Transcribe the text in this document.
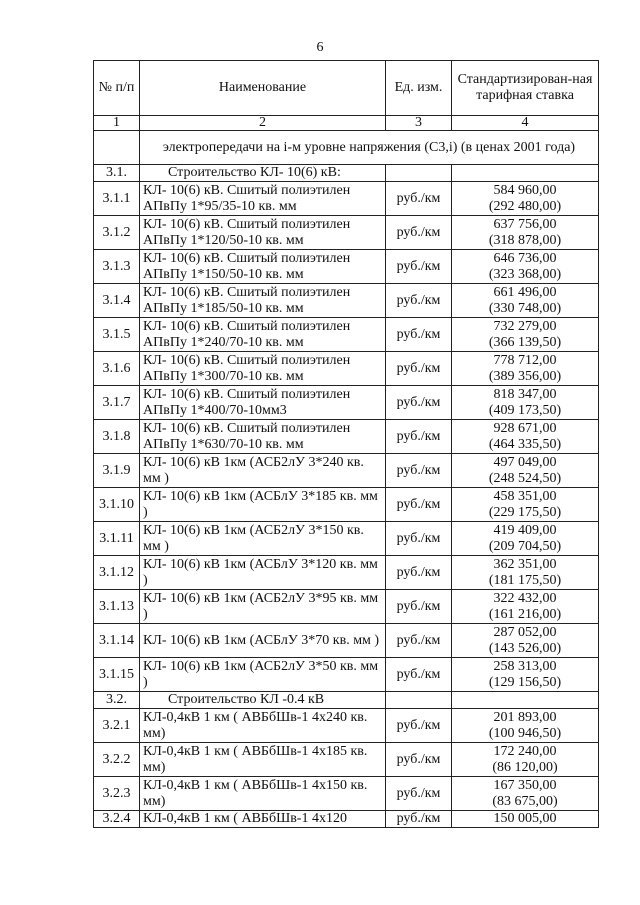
6
№ п/п	Наименование	Ед. изм.	Стандартизирован-ная тарифная ставка
1	2	3	4
	электропередачи на i-м уровне напряжения (С3,i) (в ценах 2001 года)		
3.1.	Строительство КЛ- 10(6) кВ:		
3.1.1	КЛ- 10(6) кВ. Сшитый полиэтилен АПвПу 1*95/35-10 кв. мм	руб./км	584 960,00
(292 480,00)

3.1.2	КЛ- 10(6) кВ. Сшитый полиэтилен АПвПу 1*120/50-10 кв. мм	руб./км	637 756,00
(318 878,00)

3.1.3	КЛ- 10(6) кВ. Сшитый полиэтилен АПвПу 1*150/50-10 кв. мм	руб./км	646 736,00
(323 368,00)

3.1.4	КЛ- 10(6) кВ. Сшитый полиэтилен АПвПу 1*185/50-10 кв. мм	руб./км	661 496,00
(330 748,00)

3.1.5	КЛ- 10(6) кВ. Сшитый полиэтилен АПвПу 1*240/70-10 кв. мм	руб./км	732 279,00
(366 139,50)

3.1.6	КЛ- 10(6) кВ. Сшитый полиэтилен АПвПу 1*300/70-10 кв. мм	руб./км	778 712,00
(389 356,00)

3.1.7	КЛ- 10(6) кВ. Сшитый полиэтилен АПвПу 1*400/70-10мм3	руб./км	818 347,00
(409 173,50)

3.1.8	КЛ- 10(6) кВ. Сшитый полиэтилен АПвПу 1*630/70-10 кв. мм	руб./км	928 671,00
(464 335,50)

3.1.9	КЛ- 10(6) кВ 1км (АСБ2лУ 3*240 кв. мм )	руб./км	497 049,00
(248 524,50)

3.1.10	КЛ- 10(6) кВ 1км (АСБлУ 3*185 кв. мм )	руб./км	458 351,00
(229 175,50)

3.1.11	КЛ- 10(6) кВ 1км (АСБ2лУ 3*150 кв. мм )	руб./км	419 409,00
(209 704,50)

3.1.12	КЛ- 10(6) кВ 1км (АСБлУ 3*120 кв. мм )	руб./км	362 351,00
(181 175,50)

3.1.13	КЛ- 10(6) кВ 1км (АСБ2лУ 3*95 кв. мм )	руб./км	322 432,00
(161 216,00)

3.1.14	КЛ- 10(6) кВ 1км (АСБлУ 3*70 кв. мм )	руб./км	287 052,00
(143 526,00)

3.1.15	КЛ- 10(6) кВ 1км (АСБ2лУ 3*50 кв. мм )	руб./км	258 313,00
(129 156,50)

3.2.	Строительство КЛ -0.4 кВ		
3.2.1	КЛ-0,4кВ 1 км ( АВБбШв-1 4х240 кв. мм)	руб./км	201 893,00
(100 946,50)

3.2.2	КЛ-0,4кВ 1 км ( АВБбШв-1 4х185 кв. мм)	руб./км	172 240,00
(86 120,00)

3.2.3	КЛ-0,4кВ 1 км ( АВБбШв-1 4х150 кв. мм)	руб./км	167 350,00
(83 675,00)

3.2.4	КЛ-0,4кВ 1 км ( АВБбШв-1 4х120	руб./км	150 005,00
